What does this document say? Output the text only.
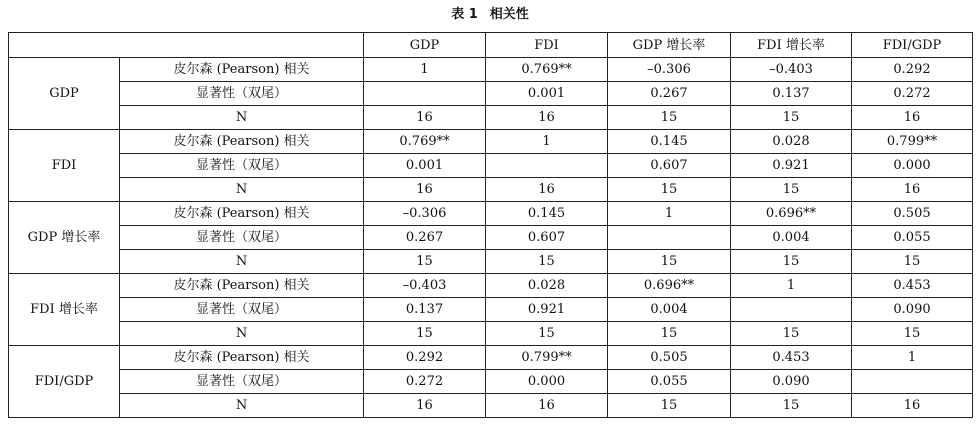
表 1 相关性
		GDP	FDI	GDP 增长率	FDI 增长率	FDI/GDP
GDP	皮尔森 (Pearson) 相关	1	0.769**	–0.306	–0.403	0.292
	显著性（双尾）		0.001	0.267	0.137	0.272
	N	16	16	15	15	16
FDI	皮尔森 (Pearson) 相关	0.769**	1	0.145	0.028	0.799**
	显著性（双尾）	0.001		0.607	0.921	0.000
	N	16	16	15	15	16
GDP 增长率	皮尔森 (Pearson) 相关	–0.306	0.145	1	0.696**	0.505
	显著性（双尾）	0.267	0.607		0.004	0.055
	N	15	15	15	15	15
FDI 增长率	皮尔森 (Pearson) 相关	–0.403	0.028	0.696**	1	0.453
	显著性（双尾）	0.137	0.921	0.004		0.090
	N	15	15	15	15	15
FDI/GDP	皮尔森 (Pearson) 相关	0.292	0.799**	0.505	0.453	1
	显著性（双尾）	0.272	0.000	0.055	0.090	
	N	16	16	15	15	16
